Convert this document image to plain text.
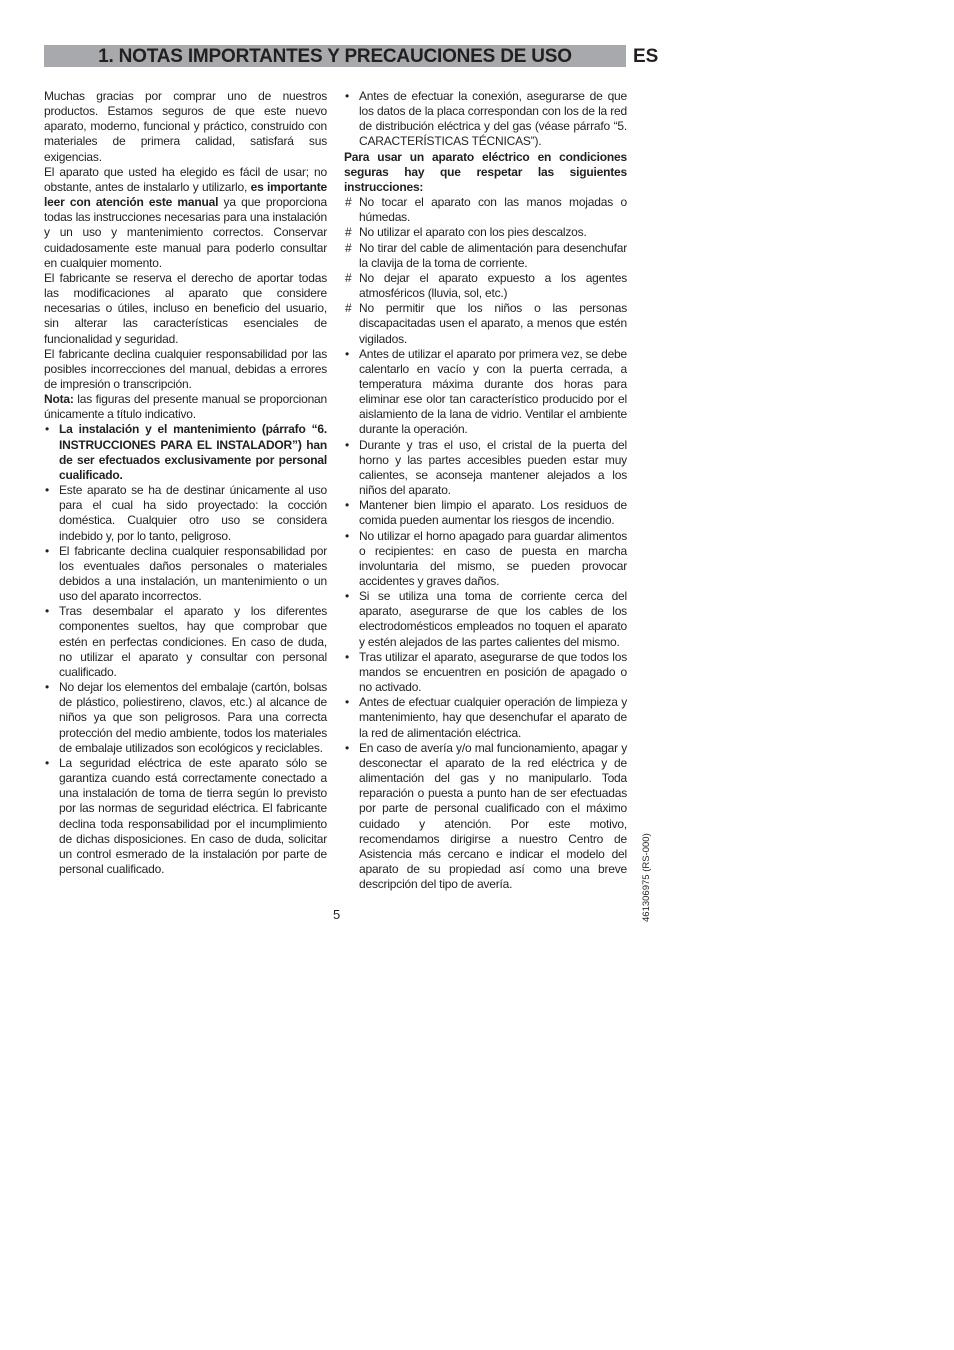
1. NOTAS IMPORTANTES Y PRECAUCIONES DE USO	ES

Muchas gracias por comprar uno de nuestros productos. Estamos seguros de que este nuevo aparato, moderno, funcional y práctico, construido con materiales de primera calidad, satisfará sus exigencias.

El aparato que usted ha elegido es fácil de usar; no obstante, antes de instalarlo y utilizarlo, es importante leer con atención este manual ya que proporciona todas las instrucciones necesarias para una instalación y un uso y mantenimiento correctos. Conservar cuidadosamente este manual para poderlo consultar en cualquier momento.

El fabricante se reserva el derecho de aportar todas las modificaciones al aparato que considere necesarias o útiles, incluso en beneficio del usuario, sin alterar las características esenciales de funcionalidad y seguridad.

El fabricante declina cualquier responsabilidad por las posibles incorrecciones del manual, debidas a errores de impresión o transcripción.

Nota: las figuras del presente manual se proporcionan únicamente a título indicativo.

• La instalación y el mantenimiento (párrafo “6. INSTRUCCIONES PARA EL INSTALADOR”) han de ser efectuados exclusivamente por personal cualificado.
• Este aparato se ha de destinar únicamente al uso para el cual ha sido proyectado: la cocción doméstica. Cualquier otro uso se considera indebido y, por lo tanto, peligroso.
• El fabricante declina cualquier responsabilidad por los eventuales daños personales o materiales debidos a una instalación, un mantenimiento o un uso del aparato incorrectos.
• Tras desembalar el aparato y los diferentes componentes sueltos, hay que comprobar que estén en perfectas condiciones. En caso de duda, no utilizar el aparato y consultar con personal cualificado.
• No dejar los elementos del embalaje (cartón, bolsas de plástico, poliestireno, clavos, etc.) al alcance de niños ya que son peligrosos. Para una correcta protección del medio ambiente, todos los materiales de embalaje utilizados son ecológicos y reciclables.
• La seguridad eléctrica de este aparato sólo se garantiza cuando está correctamente conectado a una instalación de toma de tierra según lo previsto por las normas de seguridad eléctrica. El fabricante declina toda responsabilidad por el incumplimiento de dichas disposiciones. En caso de duda, solicitar un control esmerado de la instalación por parte de personal cualificado.
• Antes de efectuar la conexión, asegurarse de que los datos de la placa correspondan con los de la red de distribución eléctrica y del gas (véase párrafo “5. CARACTERÍSTICAS TÉCNICAS”).

Para usar un aparato eléctrico en condiciones seguras hay que respetar las siguientes instrucciones:

# No tocar el aparato con las manos mojadas o húmedas.
# No utilizar el aparato con los pies descalzos.
# No tirar del cable de alimentación para desenchufar la clavija de la toma de corriente.
# No dejar el aparato expuesto a los agentes atmosféricos (lluvia, sol, etc.)
# No permitir que los niños o las personas discapacitadas usen el aparato, a menos que estén vigilados.
• Antes de utilizar el aparato por primera vez, se debe calentarlo en vacío y con la puerta cerrada, a temperatura máxima durante dos horas para eliminar ese olor tan característico producido por el aislamiento de la lana de vidrio. Ventilar el ambiente durante la operación.
• Durante y tras el uso, el cristal de la puerta del horno y las partes accesibles pueden estar muy calientes, se aconseja mantener alejados a los niños del aparato.
• Mantener bien limpio el aparato. Los residuos de comida pueden aumentar los riesgos de incendio.
• No utilizar el horno apagado para guardar alimentos o recipientes: en caso de puesta en marcha involuntaria del mismo, se pueden provocar accidentes y graves daños.
• Si se utiliza una toma de corriente cerca del aparato, asegurarse de que los cables de los electrodomésticos empleados no toquen el aparato y estén alejados de las partes calientes del mismo.
• Tras utilizar el aparato, asegurarse de que todos los mandos se encuentren en posición de apagado o no activado.
• Antes de efectuar cualquier operación de limpieza y mantenimiento, hay que desenchufar el aparato de la red de alimentación eléctrica.
• En caso de avería y/o mal funcionamiento, apagar y desconectar el aparato de la red eléctrica y de alimentación del gas y no manipularlo. Toda reparación o puesta a punto han de ser efectuadas por parte de personal cualificado con el máximo cuidado y atención. Por este motivo, recomendamos dirigirse a nuestro Centro de Asistencia más cercano e indicar el modelo del aparato de su propiedad así como una breve descripción del tipo de avería.
5	461306975 (RS-000)
